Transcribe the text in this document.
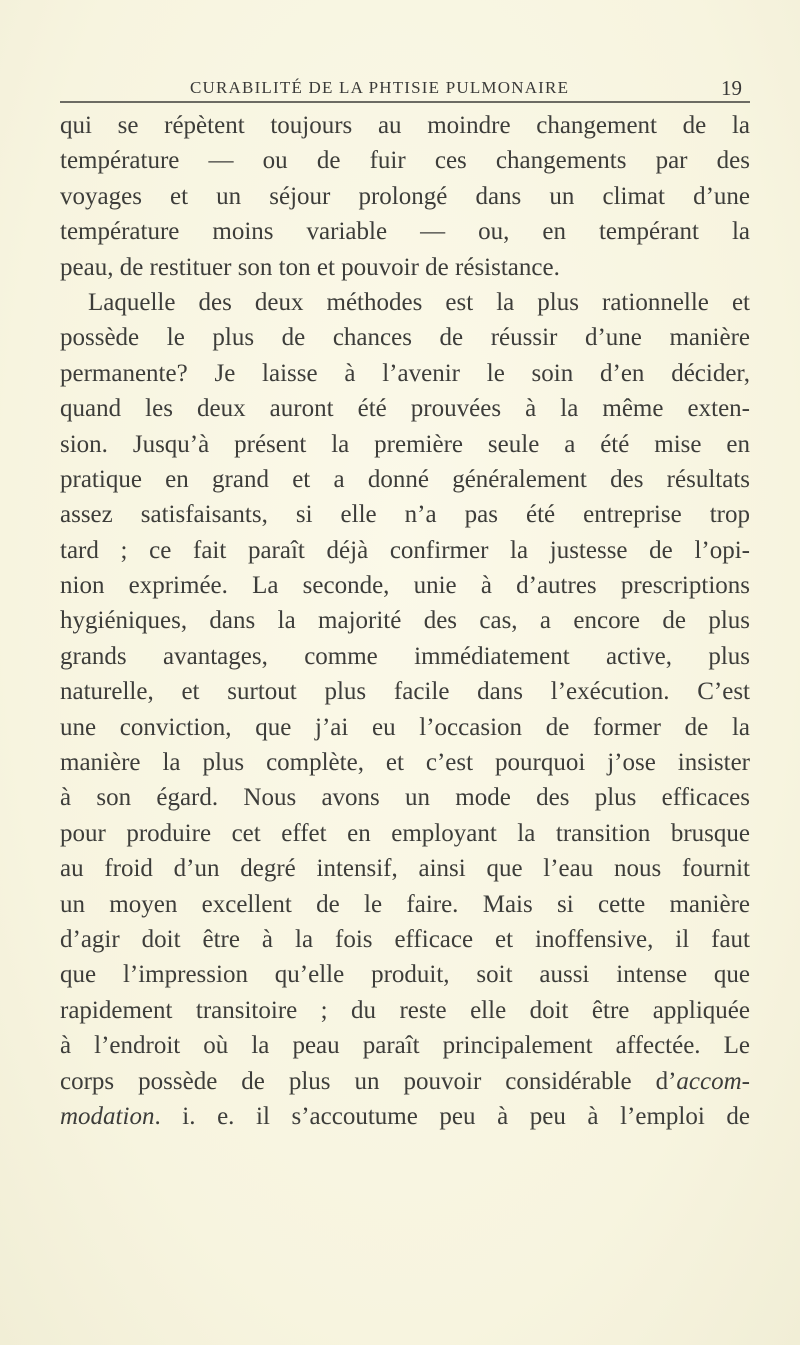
CURABILITÉ DE LA PHTISIE PULMONAIRE	19
qui se répètent toujours au moindre changement de la
température — ou de fuir ces changements par des
voyages et un séjour prolongé dans un climat d’une
température moins variable — ou, en tempérant la
peau, de restituer son ton et pouvoir de résistance.
Laquelle des deux méthodes est la plus rationnelle et
possède le plus de chances de réussir d’une manière
permanente? Je laisse à l’avenir le soin d’en décider,
quand les deux auront été prouvées à la même exten-
sion. Jusqu’à présent la première seule a été mise en
pratique en grand et a donné généralement des résultats
assez satisfaisants, si elle n’a pas été entreprise trop
tard ; ce fait paraît déjà confirmer la justesse de l’opi-
nion exprimée. La seconde, unie à d’autres prescriptions
hygiéniques, dans la majorité des cas, a encore de plus
grands avantages, comme immédiatement active, plus
naturelle, et surtout plus facile dans l’exécution. C’est
une conviction, que j’ai eu l’occasion de former de la
manière la plus complète, et c’est pourquoi j’ose insister
à son égard. Nous avons un mode des plus efficaces
pour produire cet effet en employant la transition brusque
au froid d’un degré intensif, ainsi que l’eau nous fournit
un moyen excellent de le faire. Mais si cette manière
d’agir doit être à la fois efficace et inoffensive, il faut
que l’impression qu’elle produit, soit aussi intense que
rapidement transitoire ; du reste elle doit être appliquée
à l’endroit où la peau paraît principalement affectée. Le
corps possède de plus un pouvoir considérable d’accom-
modation. i. e. il s’accoutume peu à peu à l’emploi de
